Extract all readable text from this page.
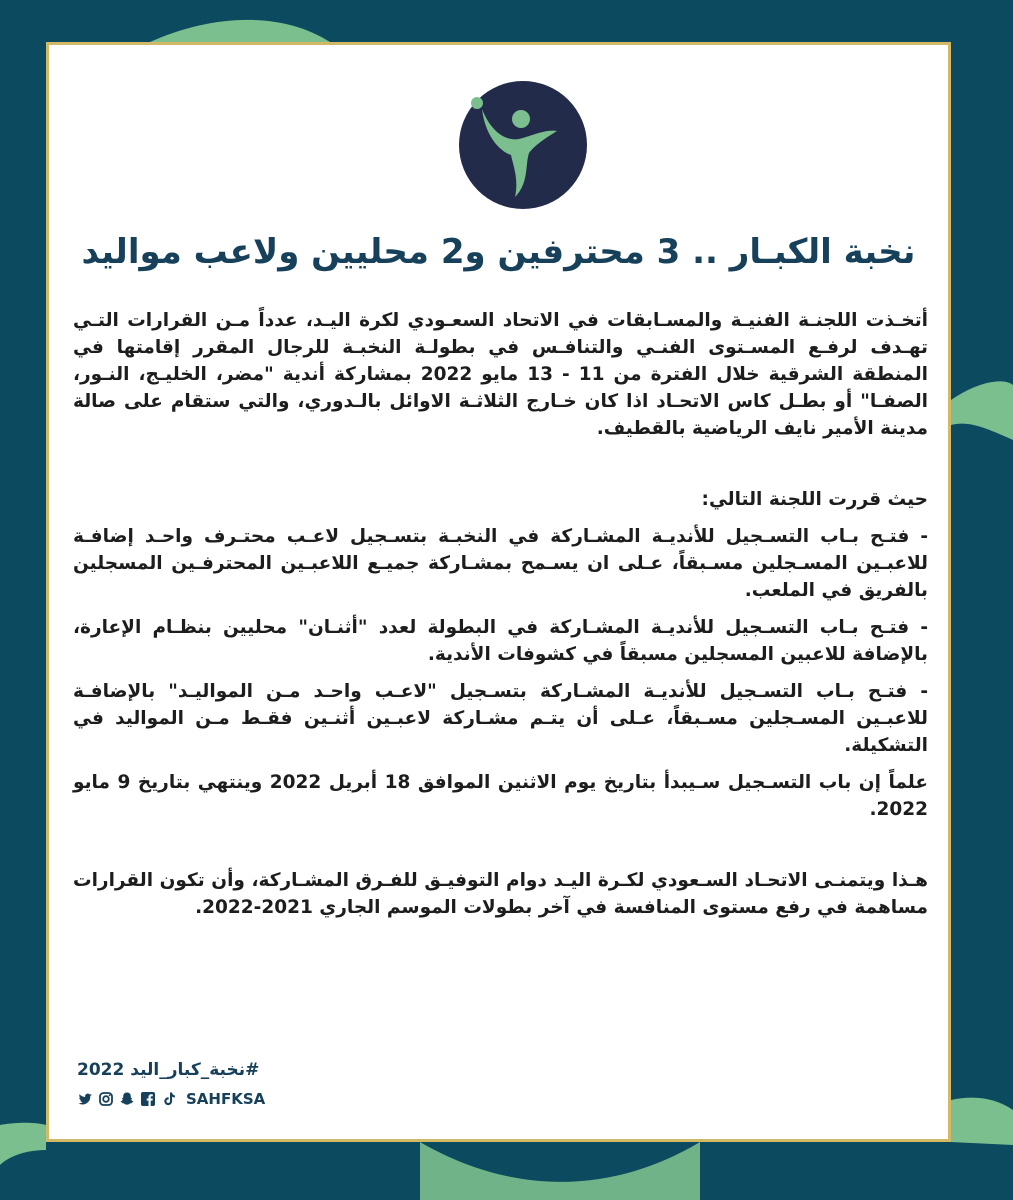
نخبة الكبـار .. 3 محترفين و2 محليين ولاعب مواليد

أتخـذت اللجنـة الفنيـة والمسـابقات في الاتحاد السعـودي لكرة اليـد، عدداً مـن القرارات التـي تهـدف لرفـع المسـتوى الفنـي والتنافـس في بطولـة النخبـة للرجال المقرر إقامتها في المنطقة الشرقية خلال الفترة من 11 - 13 مايو 2022 بمشاركة أندية "مضر، الخليـج، النـور، الصفـا" أو بطـل كاس الاتحـاد اذا كان خـارج الثلاثـة الاوائل بالـدوري، والتي ستقام على صالة مدينة الأمير نايف الرياضية بالقطيف.

حيث قررت اللجنة التالي:

- فتـح بـاب التسـجيل للأنديـة المشـاركة في النخبـة بتسـجيل لاعـب محتـرف واحـد إضافـة للاعبـين المسـجلين مسـبقاً، عـلى ان يسـمح بمشـاركة جميـع اللاعبـين المحترفـين المسجلين بالفريق في الملعب.

- فتـح بـاب التسـجيل للأنديـة المشـاركة في البطولة لعدد "أثنـان" محليين بنظـام الإعارة، بالإضافة للاعبين المسجلين مسبقاً في كشوفات الأندية.

- فتـح بـاب التسـجيل للأنديـة المشـاركة بتسـجيل "لاعـب واحـد مـن المواليـد" بالإضافـة للاعبـين المسـجلين مسـبقاً، عـلى أن يتـم مشـاركة لاعبـين أثنـين فقـط مـن المواليد في التشكيلة.

علماً إن باب التسـجيل سـيبدأ بتاريخ يوم الاثنين الموافق 18 أبريل 2022 وينتهي بتاريخ 9 مايو 2022.

هـذا ويتمنـى الاتحـاد السـعودي لكـرة اليـد دوام التوفيـق للفـرق المشـاركة، وأن تكون القرارات مساهمة في رفع مستوى المنافسة في آخر بطولات الموسم الجاري 2021-2022.

#نخبة_كبار_اليد 2022
SAHFKSA
